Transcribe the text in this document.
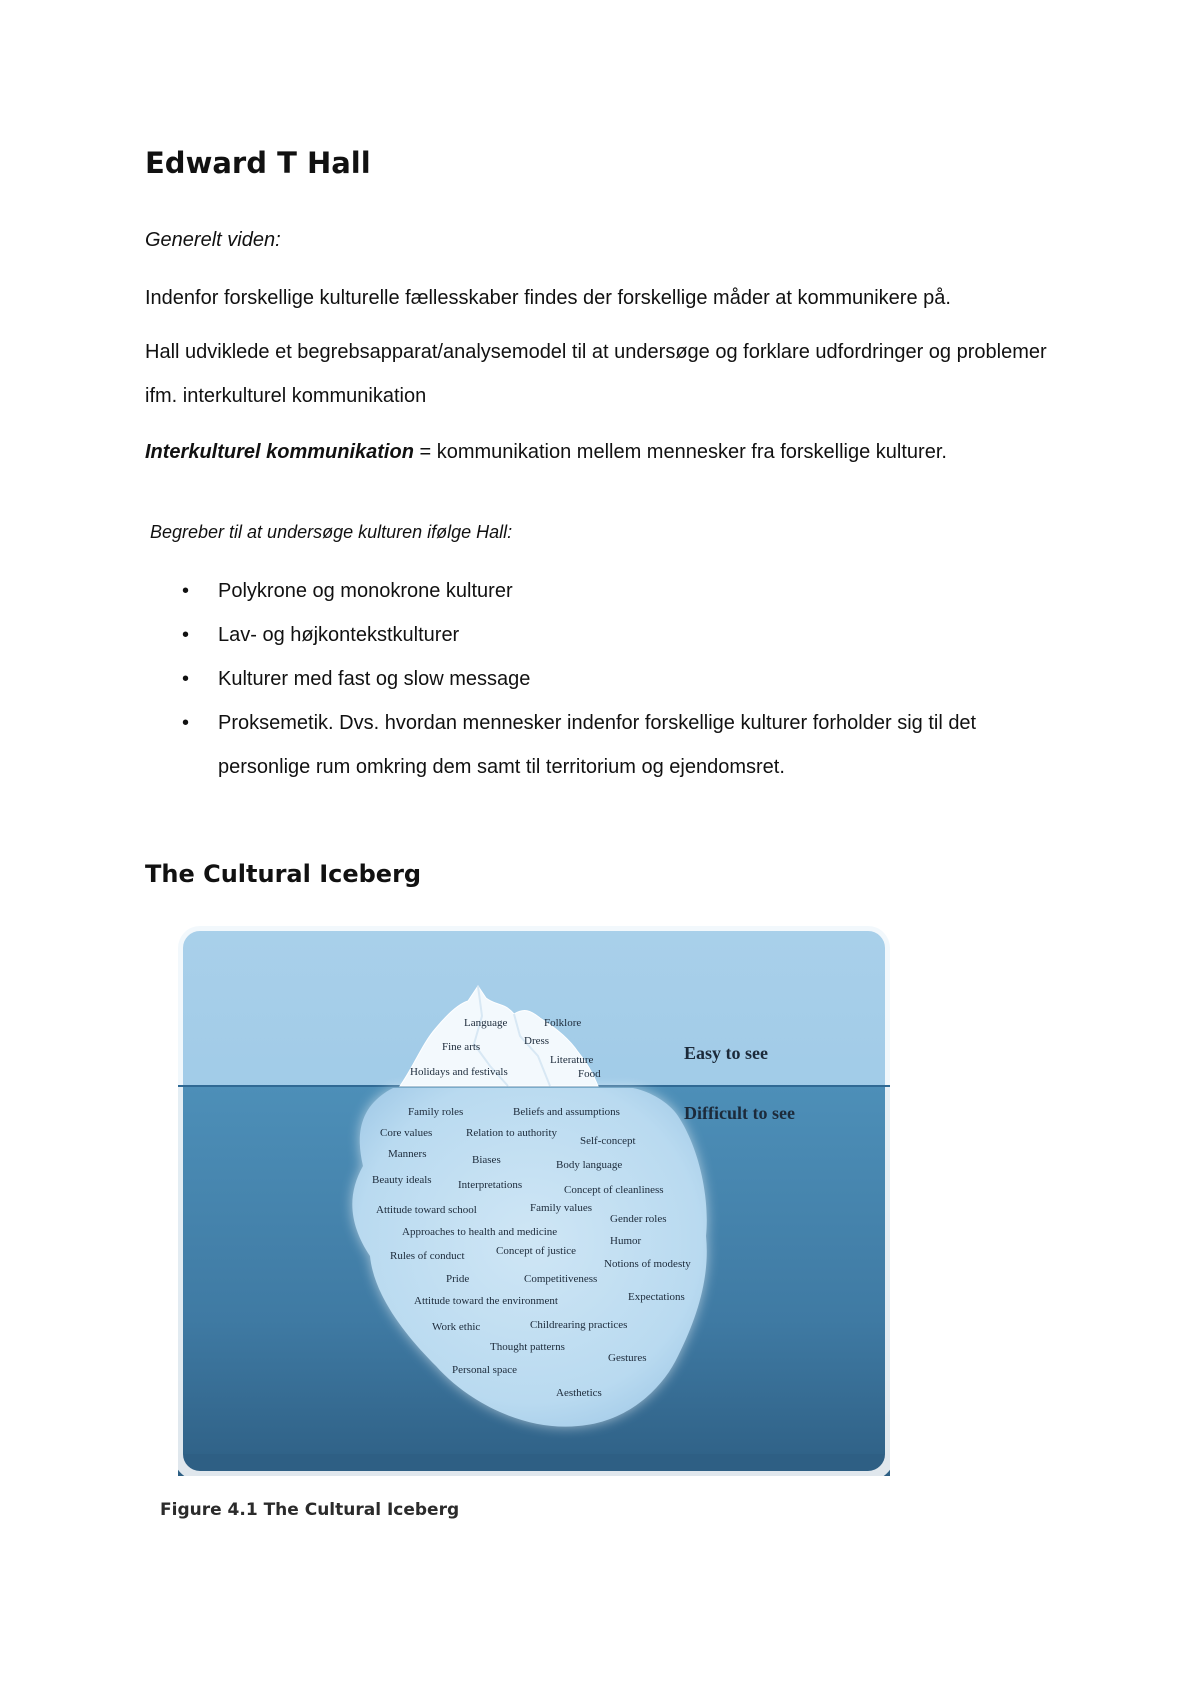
Edward T Hall

Generelt viden:

Indenfor forskellige kulturelle fællesskaber findes der forskellige måder at kommunikere på.

Hall udviklede et begrebsapparat/analysemodel til at undersøge og forklare udfordringer og problemer ifm. interkulturel kommunikation

Interkulturel kommunikation = kommunikation mellem mennesker fra forskellige kulturer.

Begreber til at undersøge kulturen ifølge Hall:

• Polykrone og monokrone kulturer
• Lav- og højkontekstkulturer
• Kulturer med fast og slow message
• Proksemetik. Dvs. hvordan mennesker indenfor forskellige kulturer forholder sig til det personlige rum omkring dem samt til territorium og ejendomsret.
The Cultural Iceberg
Easy to see
Difficult to see
Language	Folklore
Fine arts	Dress
Literature
Holidays and festivals	Food
Family roles	Beliefs and assumptions
Core values	Relation to authority
Self-concept
Manners	Biases	Body language
Beauty ideals Interpretations	Concept of cleanliness
Attitude toward school	Family values
Gender roles
Approaches to health and medicine
Humor
Rules of conduct	Concept of justice
Notions of modesty
Pride	Competitiveness
Attitude toward the environment	Expectations
Work ethic	Childrearing practices
Thought patterns
Gestures
Personal space
Aesthetics

Figure 4.1 The Cultural Iceberg
